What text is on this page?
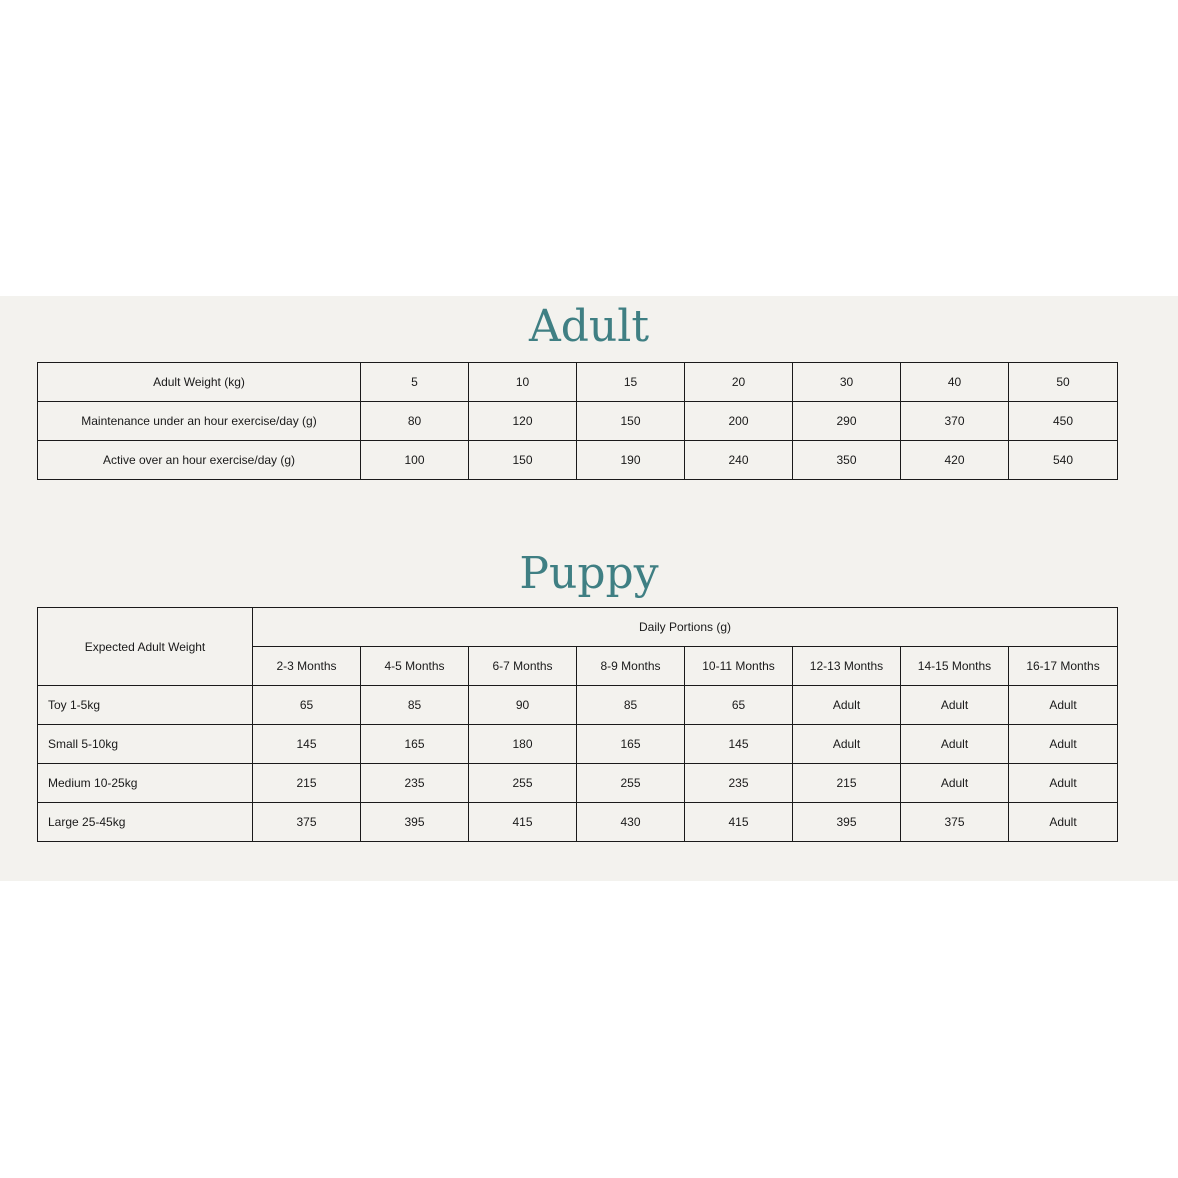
Adult
Adult Weight (kg)	5	10	15	20	30	40	50
Maintenance under an hour exercise/day (g)	80	120	150	200	290	370	450
Active over an hour exercise/day (g)	100	150	190	240	350	420	540
Puppy
Expected Adult Weight	Daily Portions (g)							
	2-3 Months	4-5 Months	6-7 Months	8-9 Months	10-11 Months	12-13 Months	14-15 Months	16-17 Months
Toy 1-5kg	65	85	90	85	65	Adult	Adult	Adult
Small 5-10kg	145	165	180	165	145	Adult	Adult	Adult
Medium 10-25kg	215	235	255	255	235	215	Adult	Adult
Large 25-45kg	375	395	415	430	415	395	375	Adult
